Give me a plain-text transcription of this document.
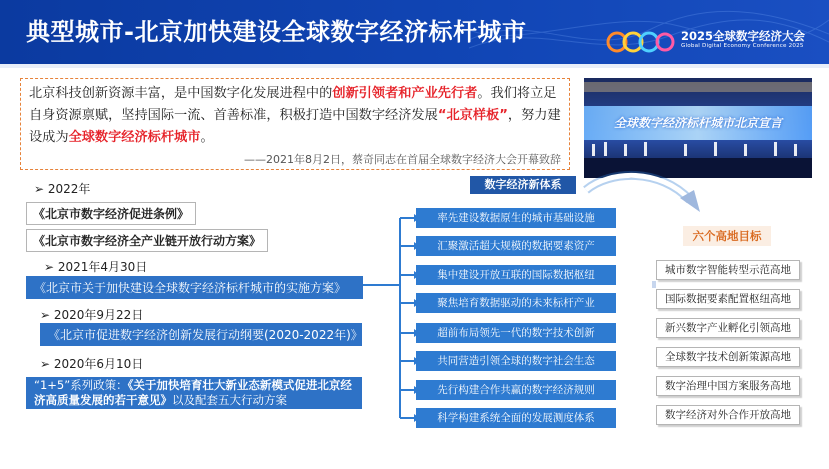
典型城市-北京加快建设全球数字经济标杆城市	2025全球数字经济大会
Global Digital Economy Conference 2025
北京科技创新资源丰富，是中国数字化发展进程中的创新引领者和产业先行者。我们将立足自身资源禀赋，坚持国际一流、首善标准，积极打造中国数字经济发展“北京样板”，努力建设成为全球数字经济标杆城市。
——2021年8月2日，蔡奇同志在首届全球数字经济大会开幕致辞
全球数字经济标杆城市北京宣言
➢ 2022年
《北京市数字经济促进条例》
《北京市数字经济全产业链开放行动方案》
➢ 2021年4月30日
《北京市关于加快建设全球数字经济标杆城市的实施方案》
➢ 2020年9月22日
《北京市促进数字经济创新发展行动纲要(2020-2022年)》
➢ 2020年6月10日
“1+5”系列政策：《关于加快培育壮大新业态新模式促进北京经济高质量发展的若干意见》以及配套五大行动方案
数字经济新体系
率先建设数据原生的城市基础设施
汇聚激活超大规模的数据要素资产
集中建设开放互联的国际数据枢纽
聚焦培育数据驱动的未来标杆产业
超前布局领先一代的数字技术创新
共同营造引领全球的数字社会生态
先行构建合作共赢的数字经济规则
科学构建系统全面的发展测度体系
六个高地目标
城市数字智能转型示范高地
国际数据要素配置枢纽高地
新兴数字产业孵化引领高地
全球数字技术创新策源高地
数字治理中国方案服务高地
数字经济对外合作开放高地
